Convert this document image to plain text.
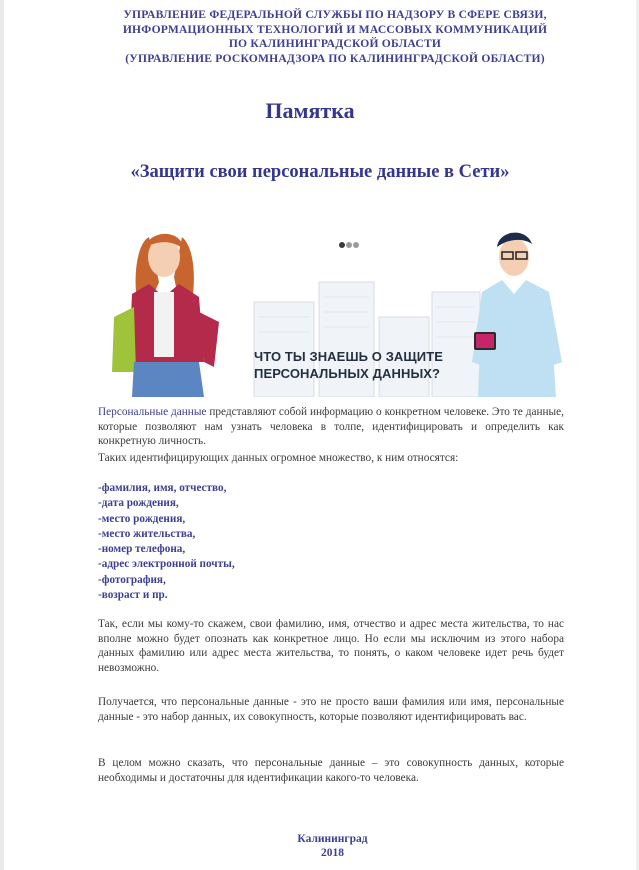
УПРАВЛЕНИЕ ФЕДЕРАЛЬНОЙ СЛУЖБЫ ПО НАДЗОРУ В СФЕРЕ СВЯЗИ,
ИНФОРМАЦИОННЫХ ТЕХНОЛОГИЙ И МАССОВЫХ КОММУНИКАЦИЙ
ПО КАЛИНИНГРАДСКОЙ ОБЛАСТИ
(УПРАВЛЕНИЕ РОСКОМНАДЗОРА ПО КАЛИНИНГРАДСКОЙ ОБЛАСТИ)
Памятка
«Защити свои персональные данные в Сети»
ЧТО ТЫ ЗНАЕШЬ О ЗАЩИТЕ
ПЕРСОНАЛЬНЫХ ДАННЫХ?
Персональные данные представляют собой информацию о конкретном человеке. Это те данные, которые позволяют нам узнать человека в толпе, идентифицировать и определить как конкретную личность.
Таких идентифицирующих данных огромное множество, к ним относятся:
-фамилия, имя, отчество,
-дата рождения,
-место рождения,
-место жительства,
-номер телефона,
-адрес электронной почты,
-фотография,
-возраст и пр.
Так, если мы кому-то скажем, свои фамилию, имя, отчество и адрес места жительства, то нас вполне можно будет опознать как конкретное лицо. Но если мы исключим из этого набора данных фамилию или адрес места жительства, то понять, о каком человеке идет речь будет невозможно.
Получается, что персональные данные - это не просто ваши фамилия или имя, персональные данные - это набор данных, их совокупность, которые позволяют идентифицировать вас.
В целом можно сказать, что персональные данные – это совокупность данных, которые необходимы и достаточны для идентификации какого-то человека.
Калининград
2018
